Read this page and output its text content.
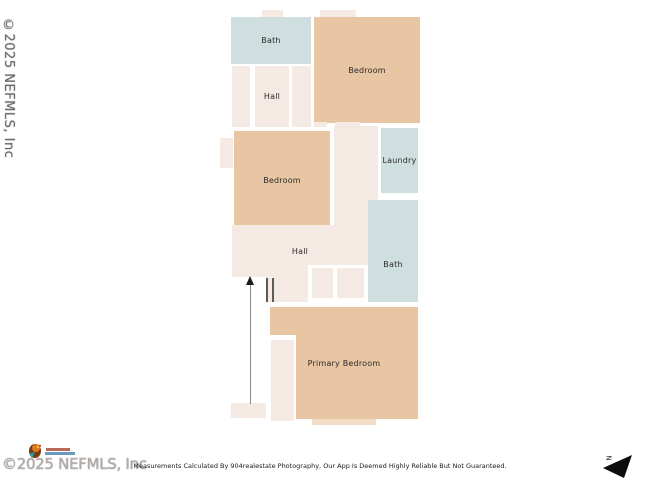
©2025 NEFMLS, Inc	Bath
Bedroom
Hall
Bedroom
Laundry
Bath
Hall
Primary Bedroom
©2025 NEFMLS, Inc
Measurements Calculated By 904realestate Photography, Our App Is Deemed Highly Reliable But Not Guaranteed.
N
